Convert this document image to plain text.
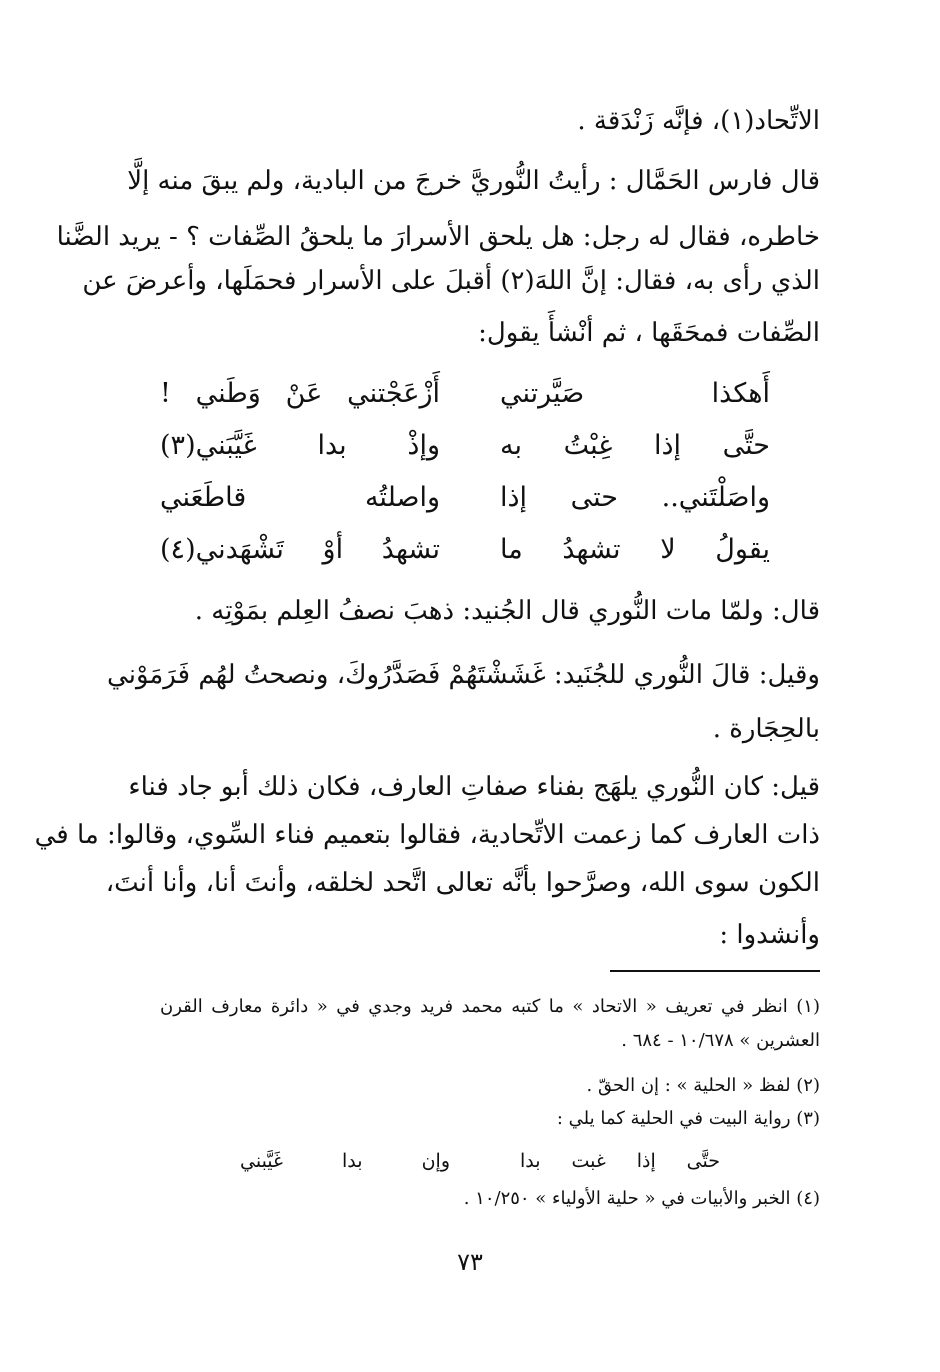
الاتِّحاد(١)، فإنَّه زَنْدَقة .
قال فارس الحَمَّال : رأيتُ النُّوريَّ خرجَ من البادية، ولم يبقَ منه إلَّا
خاطره، فقال له رجل: هل يلحق الأسرارَ ما يلحقُ الصِّفات ؟ - يريد الضَّنا
الذي رأى به، فقال: إنَّ اللهَ(٢) أقبلَ على الأسرار فحمَلَها، وأعرضَ عن
الصِّفات فمحَقَها ، ثم أنْشأَ يقول:
أَهكذا صَيَّرتني
أَزْعَجْتني عَنْ وَطَني !
حتَّى إذا غِبْتُ به
وإذْ بدا غَيَّبَني(٣)
واصَلْتَني.. حتى إذا
واصلتُه قاطَعَني
يقولُ لا تشهدُ ما
تشهدُ أوْ تَشْهَدني(٤)
قال: ولمّا مات النُّوري قال الجُنيد: ذهبَ نصفُ العِلم بمَوْتِه .
وقيل: قالَ النُّوري للجُنَيد: غَشَشْتَهُمْ فَصَدَّرُوكَ، ونصحتُ لهُم فَرَمَوْني
بالحِجَارة .
قيل: كان النُّوري يلهَج بفناء صفاتِ العارف، فكان ذلك أبو جاد فناء
ذات العارف كما زعمت الاتِّحادية، فقالوا بتعميم فناء السِّوي، وقالوا: ما في
الكون سوى الله، وصرَّحوا بأنَّه تعالى اتَّحد لخلقه، وأنتَ أنا، وأنا أنتَ،
وأنشدوا :
(١) انظر في تعريف « الاتحاد » ما كتبه محمد فريد وجدي في « دائرة معارف القرن
العشرين » ١٠/٦٧٨ - ٦٨٤ .
(٢) لفظ « الحلية » : إن الحقّ .
(٣) رواية البيت في الحلية كما يلي :
حتَّى إذا غبت بدا
وإن بدا غَيَّبني
(٤) الخبر والأبيات في « حلية الأولياء » ١٠/٢٥٠ .
٧٣
